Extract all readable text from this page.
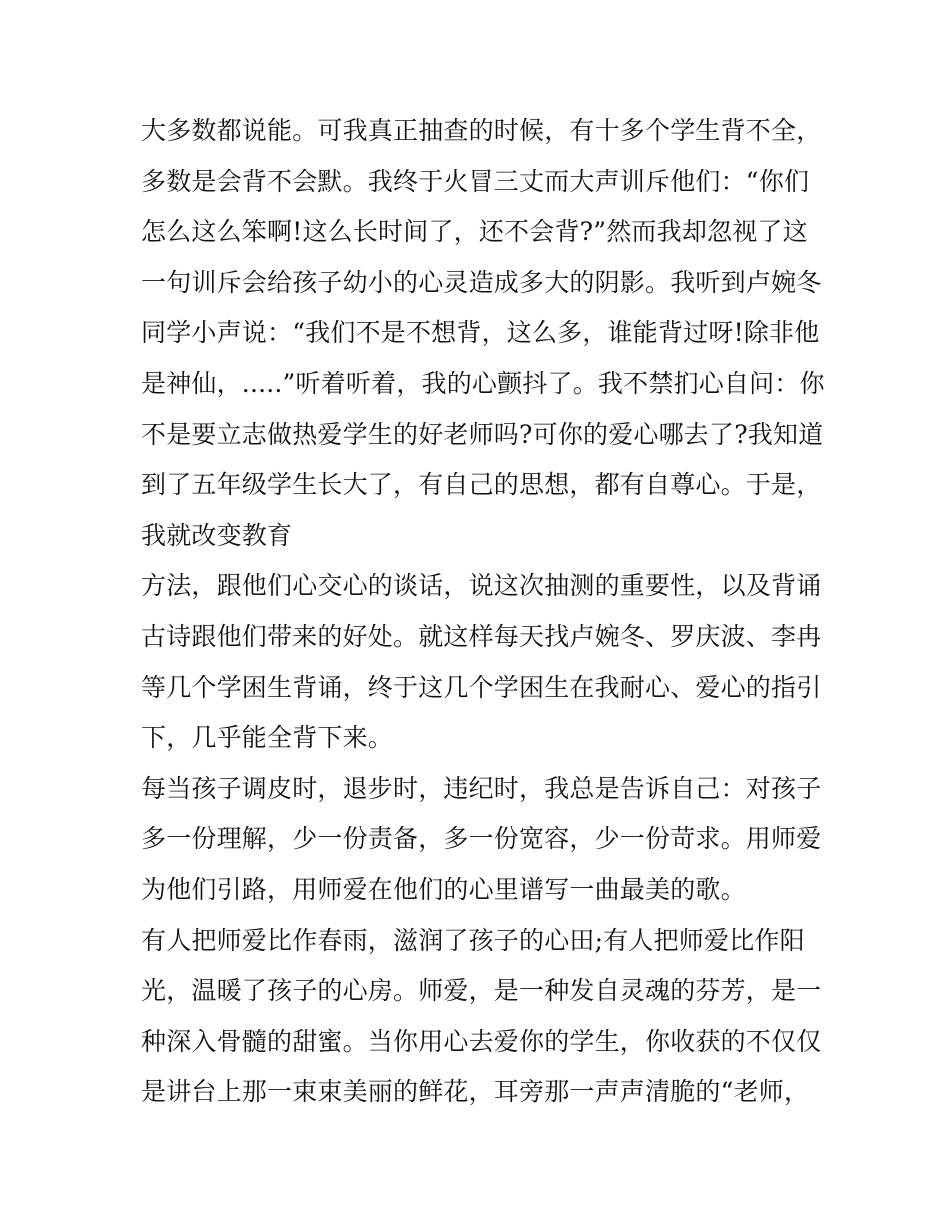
大多数都说能。可我真正抽查的时候，有十多个学生背不全，
多数是会背不会默。我终于火冒三丈而大声训斥他们：“你们
怎么这么笨啊!这么长时间了，还不会背?”然而我却忽视了这
一句训斥会给孩子幼小的心灵造成多大的阴影。我听到卢婉冬
同学小声说：“我们不是不想背，这么多，谁能背过呀!除非他
是神仙，.....”听着听着，我的心颤抖了。我不禁扪心自问：你
不是要立志做热爱学生的好老师吗?可你的爱心哪去了?我知道
到了五年级学生长大了，有自己的思想，都有自尊心。于是，
我就改变教育
方法，跟他们心交心的谈话，说这次抽测的重要性，以及背诵
古诗跟他们带来的好处。就这样每天找卢婉冬、罗庆波、李冉
等几个学困生背诵，终于这几个学困生在我耐心、爱心的指引
下，几乎能全背下来。
每当孩子调皮时，退步时，违纪时，我总是告诉自己：对孩子
多一份理解，少一份责备，多一份宽容，少一份苛求。用师爱
为他们引路，用师爱在他们的心里谱写一曲最美的歌。
有人把师爱比作春雨，滋润了孩子的心田;有人把师爱比作阳
光，温暖了孩子的心房。师爱，是一种发自灵魂的芬芳，是一
种深入骨髓的甜蜜。当你用心去爱你的学生，你收获的不仅仅
是讲台上那一束束美丽的鲜花，耳旁那一声声清脆的“老师，
